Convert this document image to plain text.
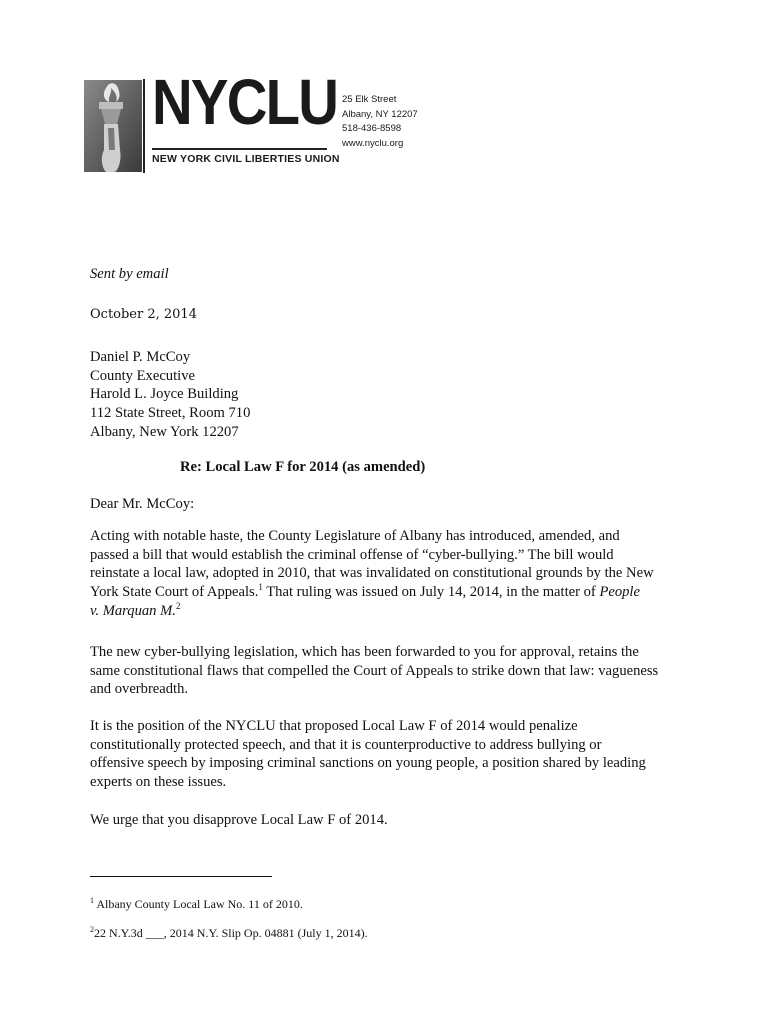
NYCLU
NEW YORK CIVIL LIBERTIES UNION
25 Elk Street
Albany, NY 12207
518-436-8598
www.nyclu.org
Sent by email
October 2, 2014
Daniel P. McCoy
County Executive
Harold L. Joyce Building
112 State Street, Room 710
Albany, New York 12207
Re: Local Law F for 2014 (as amended)
Dear Mr. McCoy:
Acting with notable haste, the County Legislature of Albany has introduced, amended, and
passed a bill that would establish the criminal offense of “cyber-bullying.” The bill would
reinstate a local law, adopted in 2010, that was invalidated on constitutional grounds by the New
York State Court of Appeals.$^1$ That ruling was issued on July 14, 2014, in the matter of People
v. Marquan M.$^2$
The new cyber-bullying legislation, which has been forwarded to you for approval, retains the
same constitutional flaws that compelled the Court of Appeals to strike down that law: vagueness
and overbreadth.
It is the position of the NYCLU that proposed Local Law F of 2014 would penalize
constitutionally protected speech, and that it is counterproductive to address bullying or
offensive speech by imposing criminal sanctions on young people, a position shared by leading
experts on these issues.
We urge that you disapprove Local Law F of 2014.
$^1$ Albany County Local Law No. 11 of 2010.
$^2$22 N.Y.3d ___, 2014 N.Y. Slip Op. 04881 (July 1, 2014).
